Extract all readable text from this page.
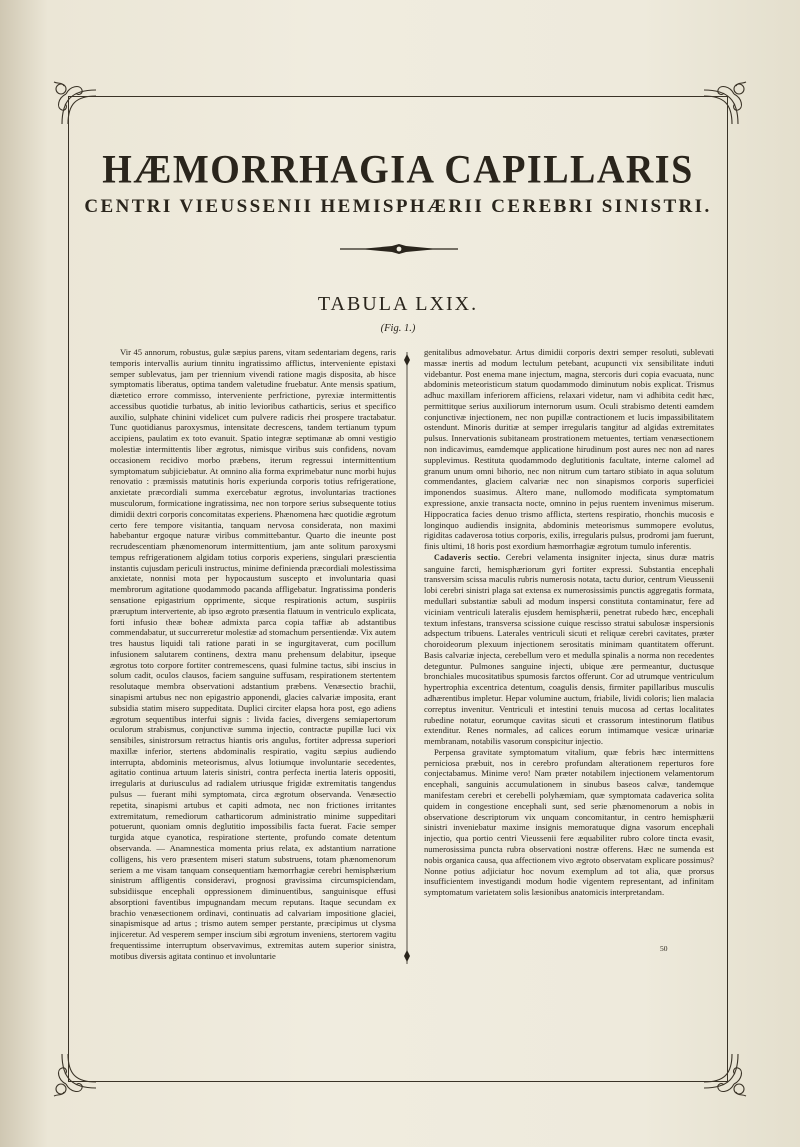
HÆMORRHAGIA CAPILLARIS
CENTRI VIEUSSENII HEMISPHÆRII CEREBRI SINISTRI.
TABULA LXIX.
(Fig. 1.)

Vir 45 annorum, robustus, gulæ sæpius parens, vitam sedentariam degens, raris temporis intervallis aurium tinnitu ingratissimo afflictus, interveniente epistaxi semper sublevatus, jam per triennium vivendi ratione magis disposita, ab hisce symptomatis liberatus, optima tandem valetudine fruebatur. Ante mensis spatium, diætetico errore commisso, interveniente perfrictione, pyrexiæ intermittentis accessibus quotidie turbatus, ab initio levioribus catharticis, serius et specifico auxilio, sulphate chinini videlicet cum pulvere radicis rhei prospere tractabatur. Tunc quotidianus paroxysmus, intensitate decrescens, tandem tertianum typum accipiens, paulatim ex toto evanuit. Spatio integræ septimanæ ab omni vestigio molestiæ intermittentis liber ægrotus, nimisque viribus suis confidens, novam occasionem recidivo morbo præbens, iterum regressui intermittentium symptomatum subjiciebatur. At omnino alia forma exprimebatur nunc morbi hujus renovatio : præmissis matutinis horis experiunda corporis totius refrigeratione, anxietate præcordiali summa exercebatur ægrotus, involuntarias tractiones musculorum, formicatione ingratissima, nec non torpore serius subsequente totius dimidii dextri corporis concomitatas experiens. Phænomena hæc quotidie ægrotum certo fere tempore visitantia, tanquam nervosa considerata, non maximi habebantur ergoque naturæ viribus committebantur. Quarto die ineunte post recrudescentiam phænomenorum intermittentium, jam ante solitum paroxysmi tempus refrigerationem algidam totius corporis experiens, singulari præscientia instantis cujusdam periculi instructus, minime definienda præcordiali molestissima anxietate, nonnisi mota per hypocaustum suscepto et involuntaria quasi membrorum agitatione quodammodo pacanda affligebatur. Ingratissima ponderis sensatione epigastrium opprimente, sicque respirationis actum, suspiriis præruptum intervertente, ab ipso ægroto præsentia flatuum in ventriculo explicata, forti infusio theæ boheæ admixta parca copia taffiæ ab adstantibus commendabatur, ut succurreretur molestiæ ad stomachum persentiendæ. Vix autem tres haustus liquidi tali ratione parati in se ingurgitaverat, cum pocillum infusionem salutarem continens, dextra manu prehensum delabitur, ipseque ægrotus toto corpore fortiter contremescens, quasi fulmine tactus, sibi inscius in solum cadit, oculos clausos, faciem sanguine suffusam, respirationem stertentem resolutaque membra observationi adstantium præbens. Venæsectio brachii, sinapismi artubus nec non epigastrio apponendi, glacies calvariæ imposita, erant subsidia statim misero suppeditata. Duplici circiter elapsa hora post, ego adiens ægrotum sequentibus interfui signis : livida facies, divergens semiapertorum oculorum strabismus, conjunctivæ summa injectio, contractæ pupillæ luci vix sensibiles, sinistrorsum retractus hiantis oris angulus, fortiter adpressa superiori maxillæ inferior, stertens abdominalis respiratio, vagitu sæpius audiendo interrupta, abdominis meteorismus, alvus lotiumque involuntarie secedentes, agitatio continua artuum lateris sinistri, contra perfecta inertia lateris oppositi, irregularis at duriusculus ad radialem utriusque frigidæ extremitatis tangendus pulsus — fuerant mihi symptomata, circa ægrotum observanda. Venæsectio repetita, sinapismi artubus et capiti admota, nec non frictiones irritantes extremitatum, remediorum catharticorum administratio minime suppeditari potuerunt, quoniam omnis deglutitio impossibilis facta fuerat. Facie semper turgida atque cyanotica, respiratione stertente, profundo comate detentum observanda. — Anamnestica momenta prius relata, ex adstantium narratione colligens, his vero præsentem miseri statum substruens, totam phænomenorum seriem a me visam tanquam consequentiam hæmorrhagiæ cerebri hemisphærium sinistrum affligentis consideravi, prognosi gravissima circumspiciendam, subsidiisque encephali oppressionem diminuentibus, sanguinisque effusi absorptioni faventibus impugnandam mecum reputans. Itaque secundam ex brachio venæsectionem ordinavi, continuatis ad calvariam impositione glaciei, sinapismisque ad artus ; trismo autem semper perstante, præcipimus ut clysma injiceretur. Ad vesperem semper inscium sibi ægrotum inveniens, stertorem vagitu frequentissime interruptum observavimus, extremitas autem superior sinistra, motibus diversis agitata continuo et involuntarie

genitalibus admovebatur. Artus dimidii corporis dextri semper resoluti, sublevati massæ inertis ad modum lectulum petebant, acupuncti vix sensibilitate induti videbantur. Post enema mane injectum, magna, stercoris duri copia evacuata, nunc abdominis meteoristicum statum quodammodo diminutum nobis explicat. Trismus adhuc maxillam inferiorem afficiens, relaxari videtur, nam vi adhibita cedit hæc, permittitque serius auxiliorum internorum usum. Oculi strabismo detenti eamdem conjunctivæ injectionem, nec non pupillæ contractionem et lucis impassibilitatem ostendunt. Minoris duritiæ at semper irregularis tangitur ad algidas extremitates pulsus. Innervationis subitaneam prostrationem metuentes, tertiam venæsectionem non indicavimus, eamdemque applicatione hirudinum post aures nec non ad nares supplevimus. Restituta quodammodo deglutitionis facultate, interne calomel ad granum unum omni bihorio, nec non nitrum cum tartaro stibiato in aqua solutum commendantes, glaciem calvariæ nec non sinapismos corporis superficiei imponendos suasimus. Altero mane, nullomodo modificata symptomatum expressione, anxie transacta nocte, omnino in pejus ruentem invenimus miserum. Hippocratica facies denuo trismo afflicta, stertens respiratio, rhonchis mucosis e longinquo audiendis insignita, abdominis meteorismus summopere evolutus, rigiditas cadaverosa totius corporis, exilis, irregularis pulsus, prodromi jam fuerunt, finis ultimi, 18 horis post exordium hæmorrhagiæ ægrotum tumulo inferentis.

Cadaveris sectio. Cerebri velamenta insigniter injecta, sinus duræ matris sanguine farcti, hemisphæriorum gyri fortiter expressi. Substantia encephali transversim scissa maculis rubris numerosis notata, tactu durior, centrum Vieussenii lobi cerebri sinistri plaga sat extensa ex numerosissimis punctis aggregatis formata, medullari substantiæ sabuli ad modum inspersi constituta contaminatur, fere ad viciniam ventriculi lateralis ejusdem hemisphærii, penetrat rubedo hæc, encephali textum infestans, transversa scissione cuique rescisso stratui sabulosæ inspersionis adspectum tribuens. Laterales ventriculi sicuti et reliquæ cerebri cavitates, præter choroideorum plexuum injectionem serositatis minimam quantitatem offerunt. Basis calvariæ injecta, cerebellum vero et medulla spinalis a norma non recedentes deteguntur. Pulmones sanguine injecti, ubique ære permeantur, ductusque bronchiales mucositatibus spumosis farctos offerunt. Cor ad utrumque ventriculum hypertrophia excentrica detentum, coagulis densis, firmiter papillaribus musculis adhærentibus impletur. Hepar volumine auctum, friabile, lividi coloris; lien malacia correptus invenitur. Ventriculi et intestini tenuis mucosa ad certas localitates rubedine notatur, eorumque cavitas sicuti et crassorum intestinorum flatibus extenditur. Renes normales, ad calices eorum intimamque vesicæ urinariæ membranam, notabilis vasorum conspicitur injectio.

Perpensa gravitate symptomatum vitalium, quæ febris hæc intermittens perniciosa præbuit, nos in cerebro profundam alterationem reperturos fore conjectabamus. Minime vero! Nam præter notabilem injectionem velamentorum encephali, sanguinis accumulationem in sinubus baseos calvæ, tandemque manifestam cerebri et cerebelli polyhæmiam, quæ symptomata cadaverica solita quidem in congestione encephali sunt, sed serie phænomenorum a nobis in observatione descriptorum vix unquam concomitantur, in centro hemisphærii sinistri inveniebatur maxime insignis memoratuque digna vasorum encephali injectio, qua portio centri Vieussenii fere æquabiliter rubro colore tincta evasit, numerosissima puncta rubra observationi nostræ offerens. Hæc ne sumenda est nobis organica causa, qua affectionem vivo ægroto observatam explicare possimus? Nonne potius adjiciatur hoc novum exemplum ad tot alia, quæ prorsus insufficientem investigandi modum hodie vigentem representant, ad infinitam symptomatum varietatem solis læsionibus anatomicis interpretandam.

50
